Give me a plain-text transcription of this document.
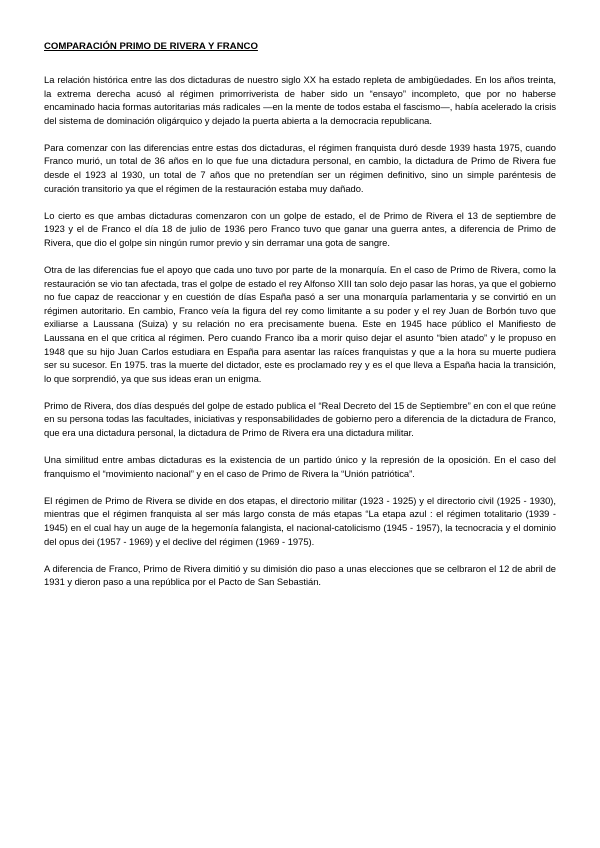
COMPARACIÓN PRIMO DE RIVERA Y FRANCO

La relación histórica entre las dos dictaduras de nuestro siglo XX ha estado repleta de ambigüedades. En los años treinta, la extrema derecha acusó al régimen primorriverista de haber sido un “ensayo” incompleto, que por no haberse encaminado hacia formas autoritarias más radicales —en la mente de todos estaba el fascismo—, había acelerado la crisis del sistema de dominación oligárquico y dejado la puerta abierta a la democracia republicana.

Para comenzar con las diferencias entre estas dos dictaduras, el régimen franquista duró desde 1939 hasta 1975, cuando Franco murió, un total de 36 años en lo que fue una dictadura personal, en cambio, la dictadura de Primo de Rivera fue desde el 1923 al 1930, un total de 7 años que no pretendían ser un régimen definitivo, sino un simple paréntesis de curación transitorio ya que el régimen de la restauración estaba muy dañado.

Lo cierto es que ambas dictaduras comenzaron con un golpe de estado, el de Primo de Rivera el 13 de septiembre de 1923 y el de Franco el día 18 de julio de 1936 pero Franco tuvo que ganar una guerra antes, a diferencia de Primo de Rivera, que dio el golpe sin ningún rumor previo y sin derramar una gota de sangre.

Otra de las diferencias fue el apoyo que cada uno tuvo por parte de la monarquía. En el caso de Primo de Rivera, como la restauración se vio tan afectada, tras el golpe de estado el rey Alfonso XIII tan solo dejo pasar las horas, ya que el gobierno no fue capaz de reaccionar y en cuestión de días España pasó a ser una monarquía parlamentaria y se convirtió en un régimen autoritario. En cambio, Franco veía la figura del rey como limitante a su poder y el rey Juan de Borbón tuvo que exiliarse a Laussana (Suiza) y su relación no era precisamente buena. Este en 1945 hace público el Manifiesto de Laussana en el que critica al régimen. Pero cuando Franco iba a morir quiso dejar el asunto “bien atado” y le propuso en 1948 que su hijo Juan Carlos estudiara en España para asentar las raíces franquistas y que a la hora su muerte pudiera ser su sucesor. En 1975. tras la muerte del dictador, este es proclamado rey y es el que lleva a España hacia la transición, lo que sorprendió, ya que sus ideas eran un enigma.

Primo de Rivera, dos días después del golpe de estado publica el “Real Decreto del 15 de Septiembre” en con el que reúne en su persona todas las facultades, iniciativas y responsabilidades de gobierno pero a diferencia de la dictadura de Franco, que era una dictadura personal, la dictadura de Primo de Rivera era una dictadura militar.

Una similitud entre ambas dictaduras es la existencia de un partido único y la represión de la oposición. En el caso del franquismo el “movimiento nacional” y en el caso de Primo de Rivera la “Unión patriótica”.

El régimen de Primo de Rivera se divide en dos etapas, el directorio militar (1923 - 1925) y el directorio civil (1925 - 1930), mientras que el régimen franquista al ser más largo consta de más etapas “La etapa azul : el régimen totalitario (1939 - 1945) en el cual hay un auge de la hegemonía falangista, el nacional-catolicismo (1945 - 1957), la tecnocracia y el dominio del opus dei (1957 - 1969) y el declive del régimen (1969 - 1975).

A diferencia de Franco, Primo de Rivera dimitió y su dimisión dio paso a unas elecciones que se celbraron el 12 de abril de 1931 y dieron paso a una república por el Pacto de San Sebastián.
